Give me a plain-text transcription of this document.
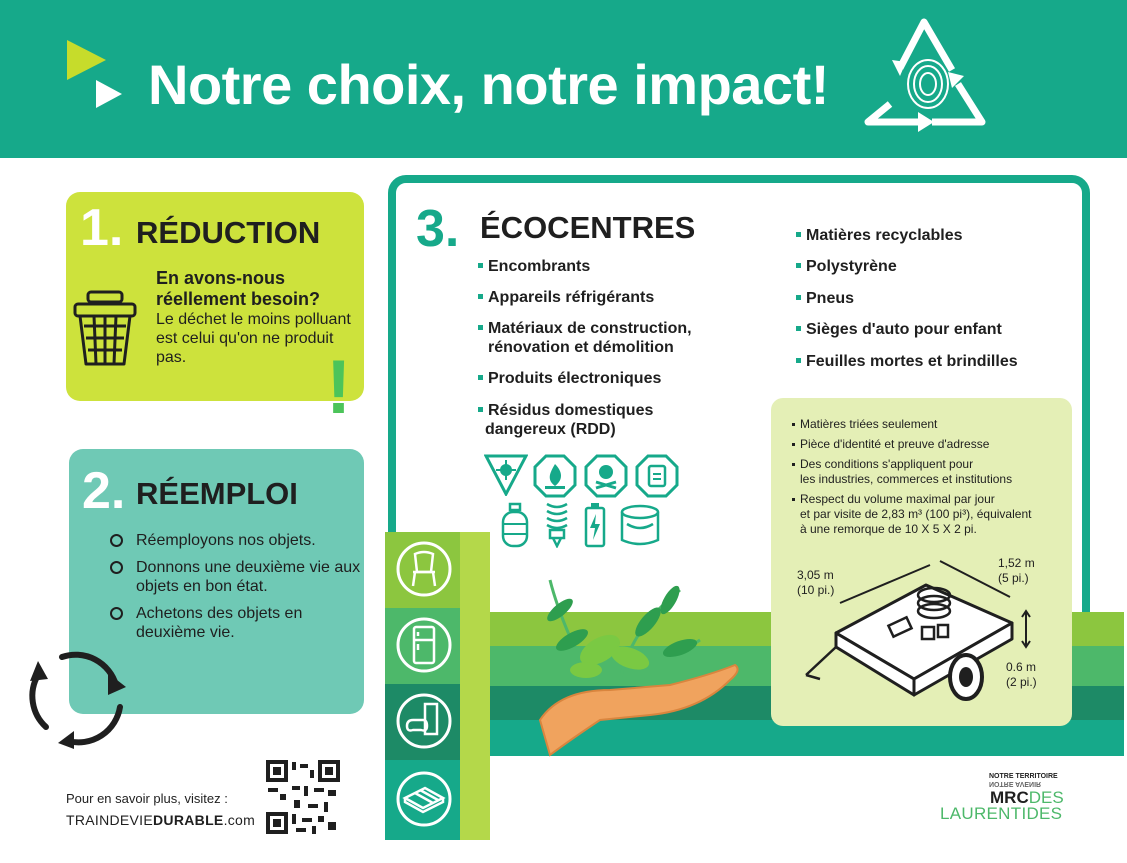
Notre choix, notre impact!
1. RÉDUCTION
En avons-nous réellement besoin?
Le déchet le moins polluant est celui qu'on ne produit pas.	!
2. RÉEMPLOI
Réemployons nos objets.
Donnons une deuxième vie aux objets en bon état.
Achetons des objets en deuxième vie.
Pour en savoir plus, visitez :
TRAINDEVIEDURABLE.com
3. ÉCOCENTRES
Encombrants
Appareils réfrigérants
Matériaux de construction,
rénovation et démolition
Produits électroniques
Résidus domestiques
dangereux (RDD)
Matières recyclables
Polystyrène
Pneus
Sièges d'auto pour enfant
Feuilles mortes et brindilles
Matières triées seulement
Pièce d'identité et preuve d'adresse
Des conditions s'appliquent pour
les industries, commerces et institutions
Respect du volume maximal par jour
et par visite de 2,83 m³ (100 pi³), équivalent
à une remorque de 10 X 5 X 2 pi.
3,05 m
(10 pi.)
1,52 m
(5 pi.)
0.6 m
(2 pi.)
NOTRE TERRITOIRE
NOTRE AVENIR
MRCDES
LAURENTIDES
